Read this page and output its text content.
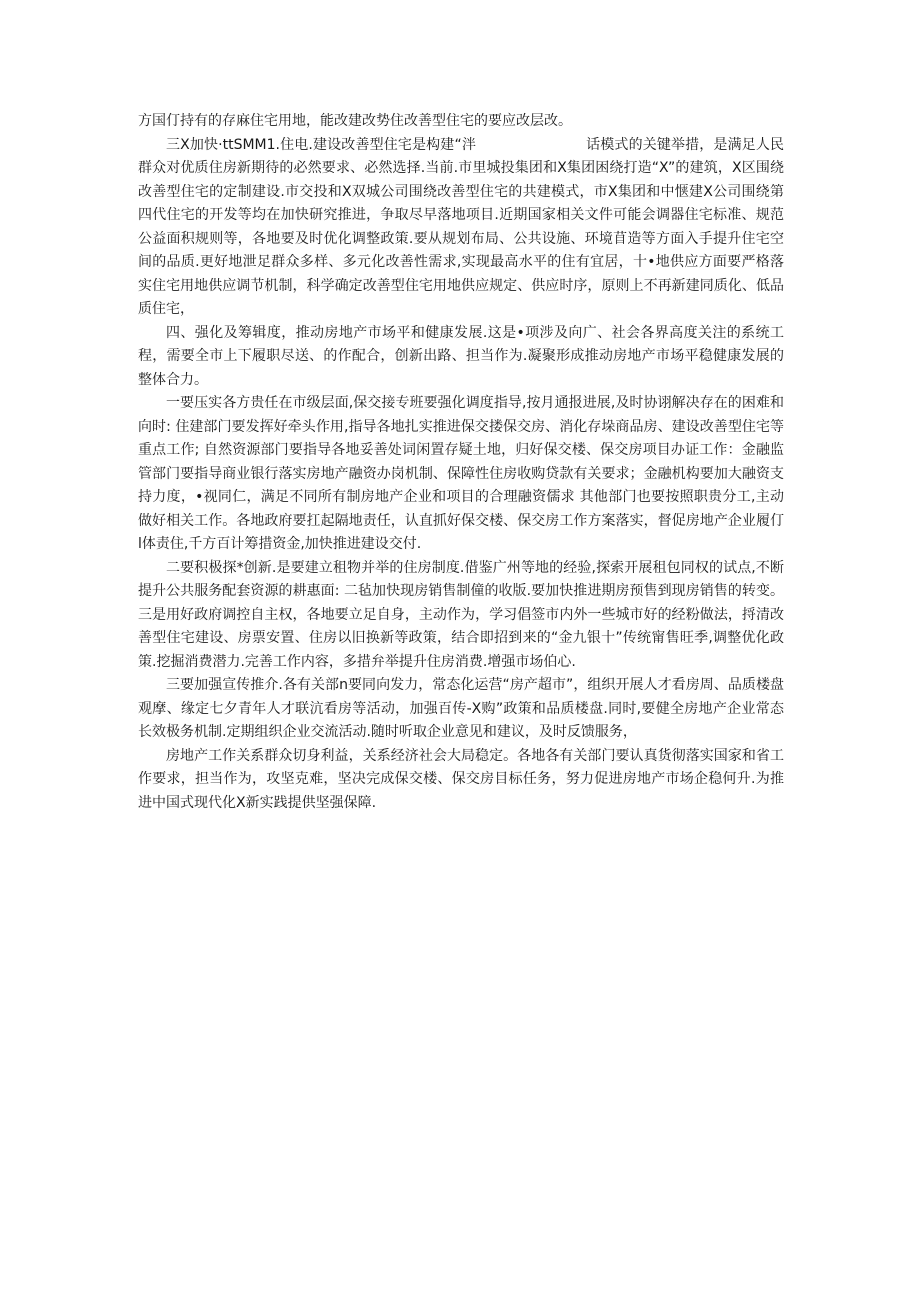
方国仃持有的存麻住宅用地，能改建改势住改善型住宅的要应改层改。

三X加快·ttSMM1.住电.建设改善型住宅是构建“泮	话模式的关键举措，是满足人民群众对优质住房新期待的必然要求、必然选择.当前.市里城投集团和X集团困绕打造“X”的建筑，X区围绕改善型住宅的定制建设.市交投和X双城公司围绕改善型住宅的共建模式，市X集团和中惬建X公司围绕第四代住宅的开发等均在加快研究推进，争取尽早落地项目.近期国家相关文件可能会调器住宅标准、规范公益面积规则等，各地要及时优化调整政策.要从规划布局、公共设施、环境苜造等方面入手提升住宅空间的品质.更好地泄足群众多样、多元化改善性需求,实现最高水平的住有宜居，十•地供应方面要严格落实住宅用地供应调节机制，科学确定改善型住宅用地供应规定、供应时序，原则上不再新建同质化、低品质住宅，

四、强化及筹辑度，推动房地产市场平和健康发展.这是•项涉及向广、社会各界高度关注的系统工程，需要全市上下履职尽送、的作配合，创新出路、担当作为.凝聚形成推动房地产市场平稳健康发展的整体合力。

一要压实各方贵任在市级层面,保交接专班要强化调度指导,按月通报进展,及时协诩解决存在的困难和向时: 住建部门要发挥好牵头作用,指导各地扎实推进保交搂保交房、消化存垛商品房、建设改善型住宅等重点工作; 自然资源部门要指导各地妥善处词闲置存疑土地，归好保交楼、保交房项目办证工作：金融监管部门要指导商业银行落实房地产融资办岗机制、保障性住房收购贷款有关要求；金融机构要加大融资支持力度，•视同仁，满足不同所有制房地产企业和项目的合理融资儒求 其他部门也要按照职贵分工,主动做好相关工作。各地政府要扛起隔地责任，认直抓好保交楼、保交房工作方案落实，督促房地产企业履仃l体责住,千方百计筹措资金,加快推进建设交付.

二要积极探*创新.是要建立租物并举的住房制度.借鉴广州等地的经验,探索开展租包同权的试点,不断提升公共服务配套资源的耕惠面: 二毡加快现房销售制僮的收版.要加快推进期房预售到现房销售的转变。三是用好政府调控自主权，各地要立足自身，主动作为，学习倡签市内外一些城市好的经粉做法，捋清改善型住宅建设、房票安置、住房以旧换新等政策，结合即招到来的“金九银十”传统甯售旺季,调整优化政策.挖掘消费潜力.完善工作内容，多措弁举提升住房消费.增强市场伯心.

三要加强宣传推介.各有关部n要同向发力，常态化运营“房产超市”，组织开展人才看房周、品质楼盘观摩、缘定七夕青年人才联沆看房等活动，加强百传-X购”政策和品质楼盘.同时,要健全房地产企业常态长效极务机制.定期组织企业交流活动.随时听取企业意见和建议，及时反馈服务，

房地产工作关系群众切身利益，关系经济社会大局稳定。各地各有关部门要认真货彻落实国家和省工作要求，担当作为，攻坚克难，坚决完成保交楼、保交房目标任务，努力促进房地产市场企稳何升.为推进中国式现代化X新实践提供坚强保障.
